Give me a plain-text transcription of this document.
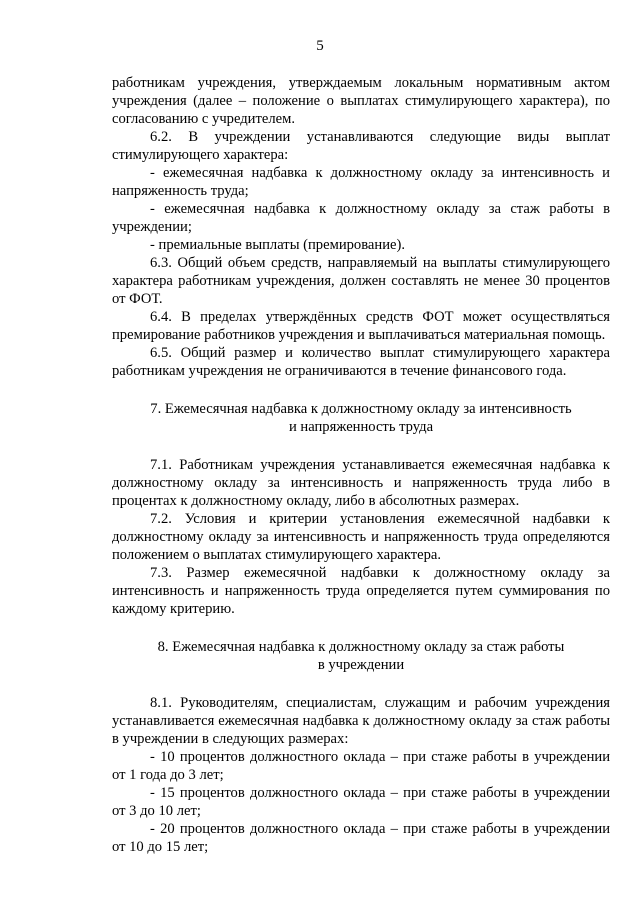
5

работникам учреждения, утверждаемым локальным нормативным актом учреждения (далее – положение о выплатах стимулирующего характера), по согласованию с учредителем.

6.2. В учреждении устанавливаются следующие виды выплат стимулирующего характера:

- ежемесячная надбавка к должностному окладу за интенсивность и напряженность труда;

- ежемесячная надбавка к должностному окладу за стаж работы в учреждении;

- премиальные выплаты (премирование).

6.3. Общий объем средств, направляемый на выплаты стимулирующего характера работникам учреждения, должен составлять не менее 30 процентов от ФОТ.

6.4. В пределах утверждённых средств ФОТ может осуществляться премирование работников учреждения и выплачиваться материальная помощь.

6.5. Общий размер и количество выплат стимулирующего характера работникам учреждения не ограничиваются в течение финансового года.

7. Ежемесячная надбавка к должностному окладу за интенсивность

и напряженность труда

7.1. Работникам учреждения устанавливается ежемесячная надбавка к должностному окладу за интенсивность и напряженность труда либо в процентах к должностному окладу, либо в абсолютных размерах.

7.2. Условия и критерии установления ежемесячной надбавки к должностному окладу за интенсивность и напряженность труда определяются положением о выплатах стимулирующего характера.

7.3. Размер ежемесячной надбавки к должностному окладу за интенсивность и напряженность труда определяется путем суммирования по каждому критерию.

8. Ежемесячная надбавка к должностному окладу за стаж работы

в учреждении

8.1. Руководителям, специалистам, служащим и рабочим учреждения устанавливается ежемесячная надбавка к должностному окладу за стаж работы в учреждении в следующих размерах:

- 10 процентов должностного оклада – при стаже работы в учреждении от 1 года до 3 лет;

- 15 процентов должностного оклада – при стаже работы в учреждении от 3 до 10 лет;

- 20 процентов должностного оклада – при стаже работы в учреждении от 10 до 15 лет;
